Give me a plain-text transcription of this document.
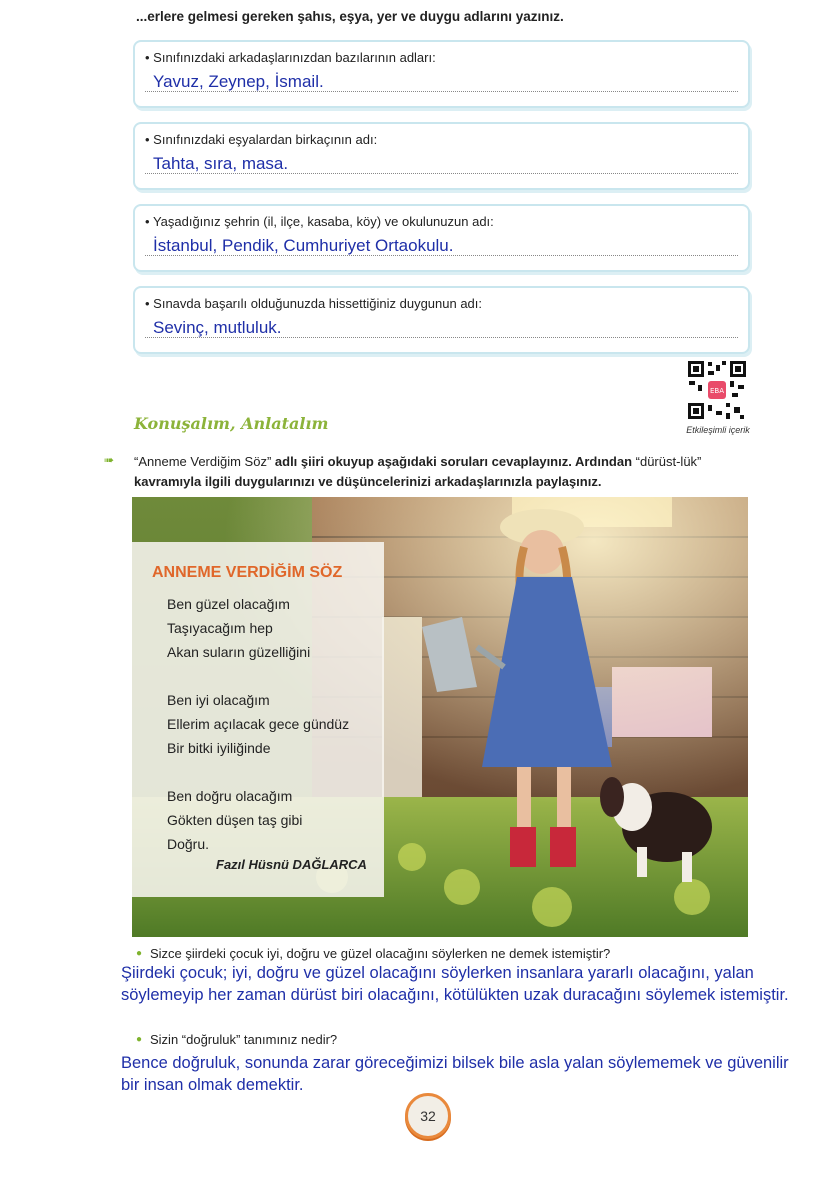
...erlere gelmesi gereken şahıs, eşya, yer ve duygu adlarını yazınız.
• Sınıfınızdaki arkadaşlarınızdan bazılarının adları:
Yavuz, Zeynep, İsmail.
• Sınıfınızdaki eşyalardan birkaçının adı:
Tahta, sıra, masa.
• Yaşadığınız şehrin (il, ilçe, kasaba, köy) ve okulunuzun adı:
İstanbul, Pendik, Cumhuriyet Ortaokulu.
• Sınavda başarılı olduğunuzda hissettiğiniz duygunun adı:
Sevinç, mutluluk.
EBA
Etkileşimli içerik
Konuşalım, Anlatalım
➠ “Anneme Verdiğim Söz” adlı şiiri okuyup aşağıdaki soruları cevaplayınız. Ardından “dürüst-lük” kavramıyla ilgili duygularınızı ve düşüncelerinizi arkadaşlarınızla paylaşınız.
ANNEME VERDİĞİM SÖZ
Ben güzel olacağım
Taşıyacağım hep
Akan suların güzelliğini
Ben iyi olacağım
Ellerim açılacak gece gündüz
Bir bitki iyiliğinde
Ben doğru olacağım
Gökten düşen taş gibi
Doğru.
Fazıl Hüsnü DAĞLARCA
● Sizce şiirdeki çocuk iyi, doğru ve güzel olacağını söylerken ne demek istemiştir?
Şiirdeki çocuk; iyi, doğru ve güzel olacağını söylerken insanlara yararlı olacağını, yalan söylemeyip her zaman dürüst biri olacağını, kötülükten uzak duracağını söylemek istemiştir.
● Sizin “doğruluk” tanımınız nedir?
Bence doğruluk, sonunda zarar göreceğimizi bilsek bile asla yalan söylememek ve güvenilir bir insan olmak demektir.
32
